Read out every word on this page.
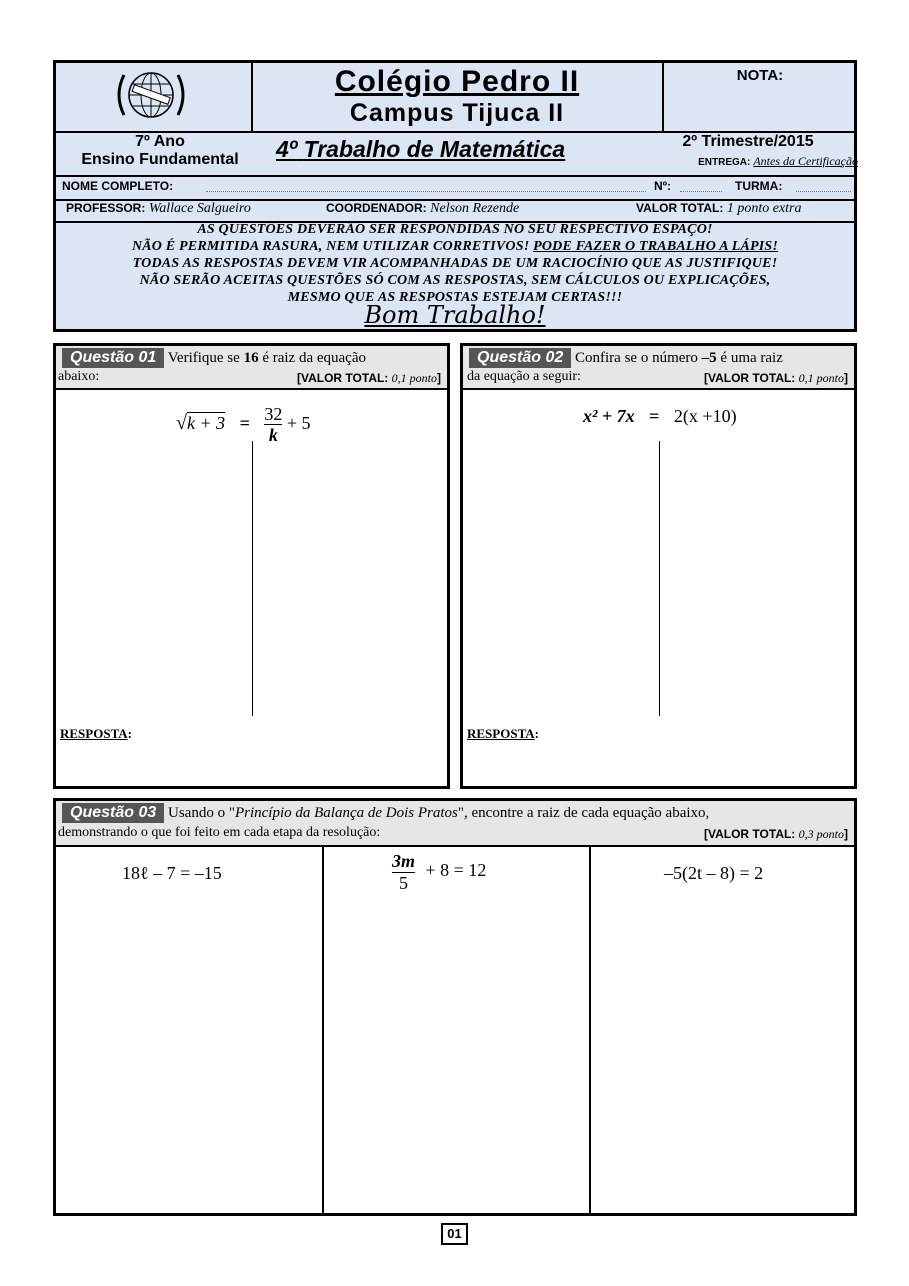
Colégio Pedro II
Campus Tijuca II
NOTA:
7º Ano
Ensino Fundamental	4º Trabalho de Matemática	2º Trimestre/2015
ENTREGA: Antes da Certificação
NOME COMPLETO:	Nº:	TURMA:
PROFESSOR: Wallace Salgueiro	COORDENADOR: Nelson Rezende	VALOR TOTAL: 1 ponto extra
AS QUESTÕES DEVERÃO SER RESPONDIDAS NO SEU RESPECTIVO ESPAÇO!
NÃO É PERMITIDA RASURA, NEM UTILIZAR CORRETIVOS! PODE FAZER O TRABALHO A LÁPIS!
TODAS AS RESPOSTAS DEVEM VIR ACOMPANHADAS DE UM RACIOCÍNIO QUE AS JUSTIFIQUE!
NÃO SERÃO ACEITAS QUESTÕES SÓ COM AS RESPOSTAS, SEM CÁLCULOS OU EXPLICAÇÕES,
MESMO QUE AS RESPOSTAS ESTEJAM CERTAS!!!
Bom Trabalho!
Questão 01 Verifique se 16 é raiz da equação
abaixo:	[VALOR TOTAL: 0,1 ponto]
$√k + 3 = \frac{32}{k} + 5$
RESPOSTA:
Questão 02 Confira se o número –5 é uma raiz
da equação a seguir:	[VALOR TOTAL: 0,1 ponto]
x² + 7x = 2(x +10)
RESPOSTA:
Questão 03 Usando o "Princípio da Balança de Dois Pratos", encontre a raiz de cada equação abaixo,
demonstrando o que foi feito em cada etapa da resolução:	[VALOR TOTAL: 0,3 ponto]
18ℓ – 7 = –15	$\frac{3m}{5} + 8 = 12$	–5(2t – 8) = 2
01
